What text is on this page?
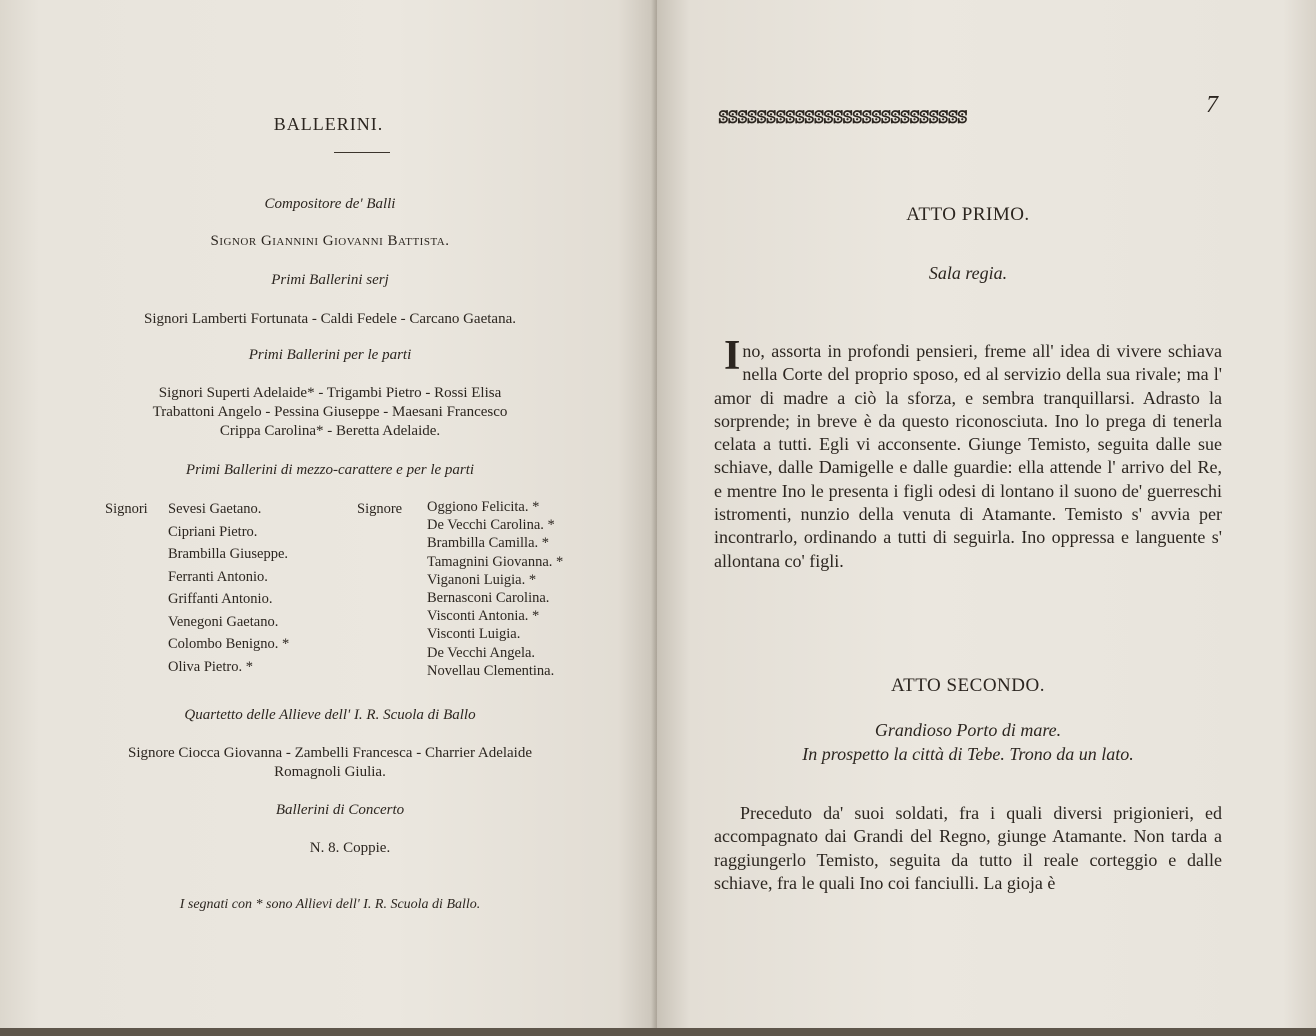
BALLERINI.
Compositore de' Balli
Signor Giannini Giovanni Battista.
Primi Ballerini serj
Signori Lamberti Fortunata - Caldi Fedele - Carcano Gaetana.
Primi Ballerini per le parti
Signori Superti Adelaide* - Trigambi Pietro - Rossi Elisa
Trabattoni Angelo - Pessina Giuseppe - Maesani Francesco
Crippa Carolina* - Beretta Adelaide.
Primi Ballerini di mezzo-carattere e per le parti
Signori Sevesi Gaetano.
Cipriani Pietro.
Brambilla Giuseppe.
Ferranti Antonio.
Griffanti Antonio.
Venegoni Gaetano.
Colombo Benigno. *
Oliva Pietro. *
Signore Oggiono Felicita. *
De Vecchi Carolina. *
Brambilla Camilla. *
Tamagnini Giovanna. *
Viganoni Luigia. *
Bernasconi Carolina.
Visconti Antonia. *
Visconti Luigia.
De Vecchi Angela.
Novellau Clementina.
Quartetto delle Allieve dell' I. R. Scuola di Ballo
Signore Ciocca Giovanna - Zambelli Francesca - Charrier Adelaide
Romagnoli Giulia.
Ballerini di Concerto
N. 8. Coppie.
I segnati con * sono Allievi dell' I. R. Scuola di Ballo.
ꕷꕷꕷꕷꕷꕷꕷꕷꕷꕷꕷꕷꕷꕷꕷꕷꕷꕷꕷꕷꕷꕷꕷꕷꕷꕷ	7
ATTO PRIMO.
Sala regia.
Ino, assorta in profondi pensieri, freme all' idea di vivere schiava nella Corte del proprio sposo, ed al servizio della sua rivale; ma l' amor di madre a ciò la sforza, e sembra tranquillarsi. Adrasto la sorprende; in breve è da questo riconosciuta. Ino lo prega di tenerla celata a tutti. Egli vi acconsente. Giunge Temisto, seguita dalle sue schiave, dalle Damigelle e dalle guardie: ella attende l' arrivo del Re, e mentre Ino le presenta i figli odesi di lontano il suono de' guerreschi istromenti, nunzio della venuta di Atamante. Temisto s' avvia per incontrarlo, ordinando a tutti di seguirla. Ino oppressa e languente s' allontana co' figli.
ATTO SECONDO.
Grandioso Porto di mare.
In prospetto la città di Tebe. Trono da un lato.
Preceduto da' suoi soldati, fra i quali diversi prigionieri, ed accompagnato dai Grandi del Regno, giunge Atamante. Non tarda a raggiungerlo Temisto, seguita da tutto il reale corteggio e dalle schiave, fra le quali Ino coi fanciulli. La gioja è
